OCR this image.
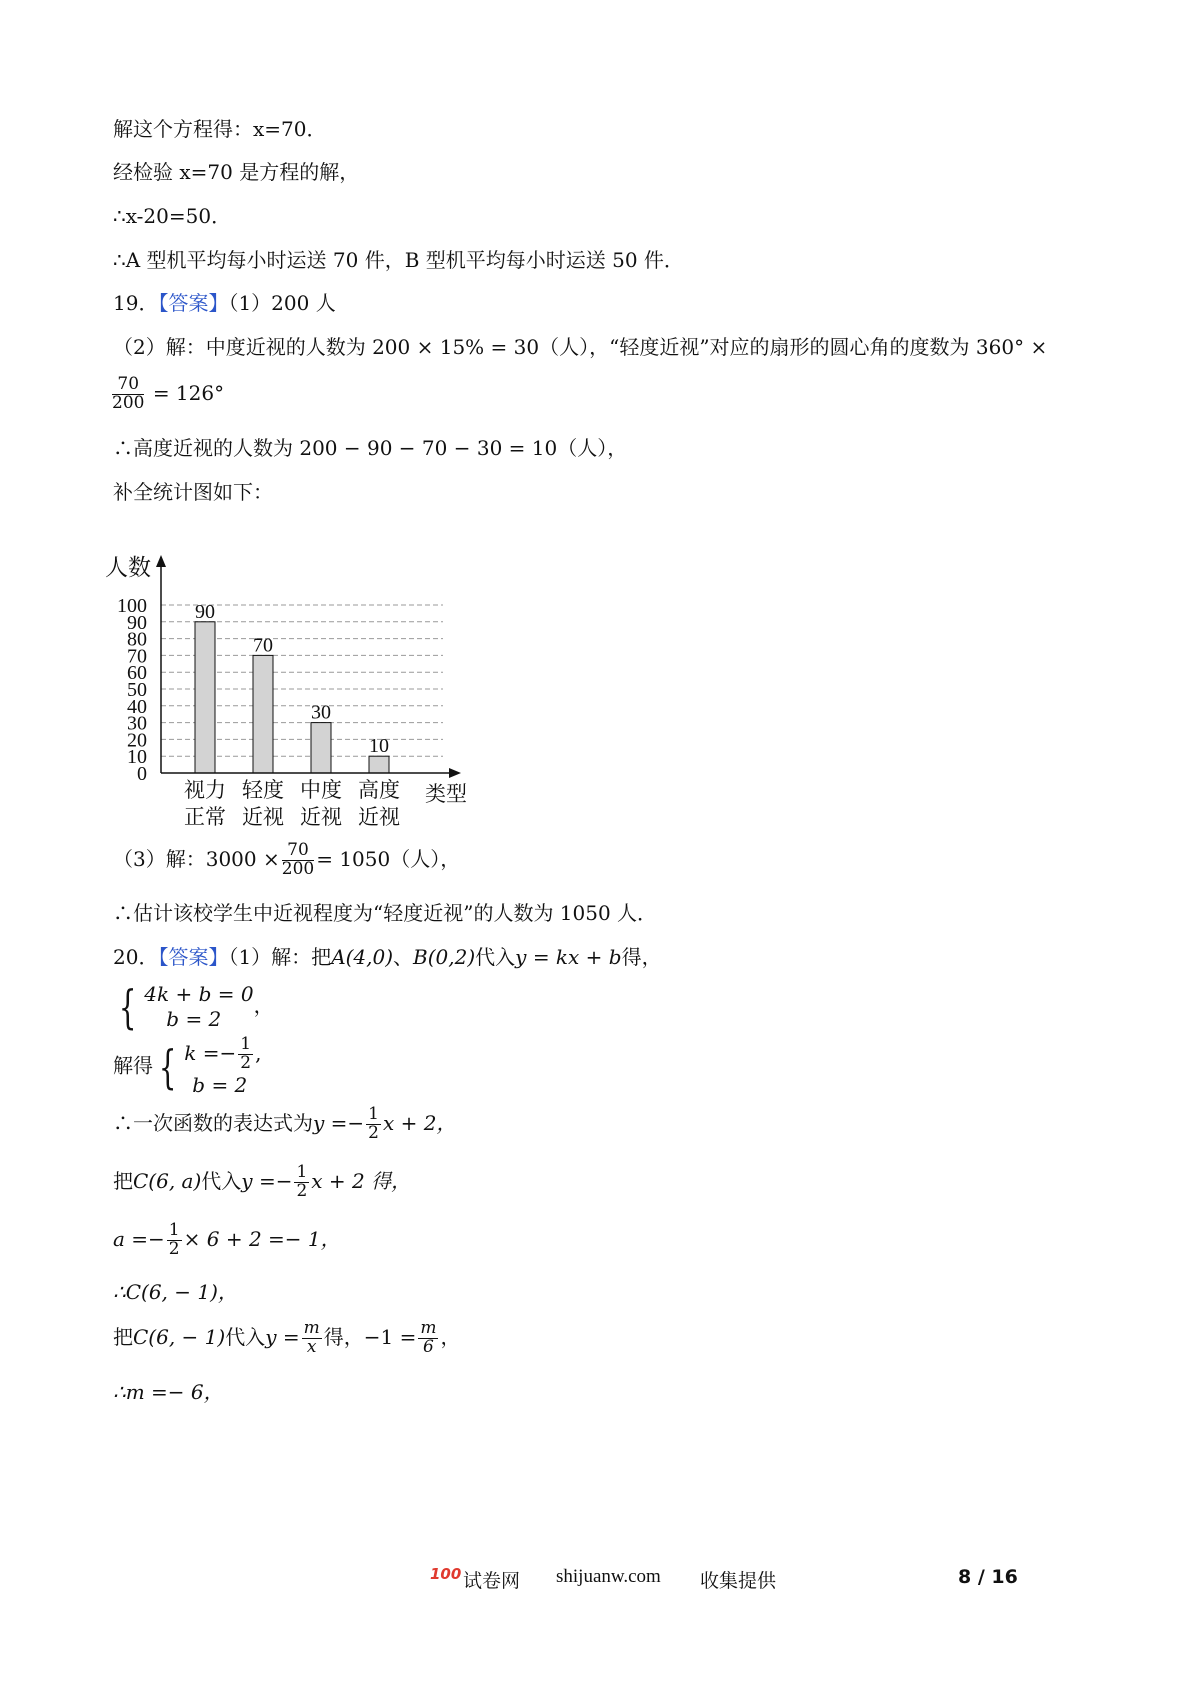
解这个方程得：x=70．
经检验 x=70 是方程的解，
∴x-20=50．
∴A 型机平均每小时运送 70 件，B 型机平均每小时运送 50 件．
19．【答案】（1）200 人
（2）解：中度近视的人数为 200 × 15% = 30（人），“轻度近视”对应的扇形的圆心角的度数为 360° ×
$\frac{70}{200} = 126^\circ$
∴高度近视的人数为 200 − 90 − 70 − 30 = 10（人），
补全统计图如下：
0
10
20
30
40
50
60
70
80
90
100 90
视力
正常
70
轻度
近视
30
中度
近视
10
高度
近视
人数
类型
（3）解：$3000 \times \frac{70}{200} = 1050$（人），
∴估计该校学生中近视程度为“轻度近视”的人数为 1050 人．
20．【答案】（1）解：把A(4,0)、B(0,2)代入y = kx + b得，
{ 4k + b = 0
b = 2
，
解得 { $k =- \frac{1}{2}$ ,
b = 2
∴一次函数的表达式为$y =- \frac{1}{2}$ x + 2，
把C(6, a)代入$y =- \frac{1}{2}$ x + 2 得，
$a =- \frac{1}{2} \times 6 + 2 =- 1$，
∴C(6, − 1)，
把C(6, − 1)代入$y = \frac{m}{x}$ 得，$-1 = \frac{m}{6}$ ，
∴m =− 6，
100 试卷网 shijuanw.com 收集提供	8 / 16
